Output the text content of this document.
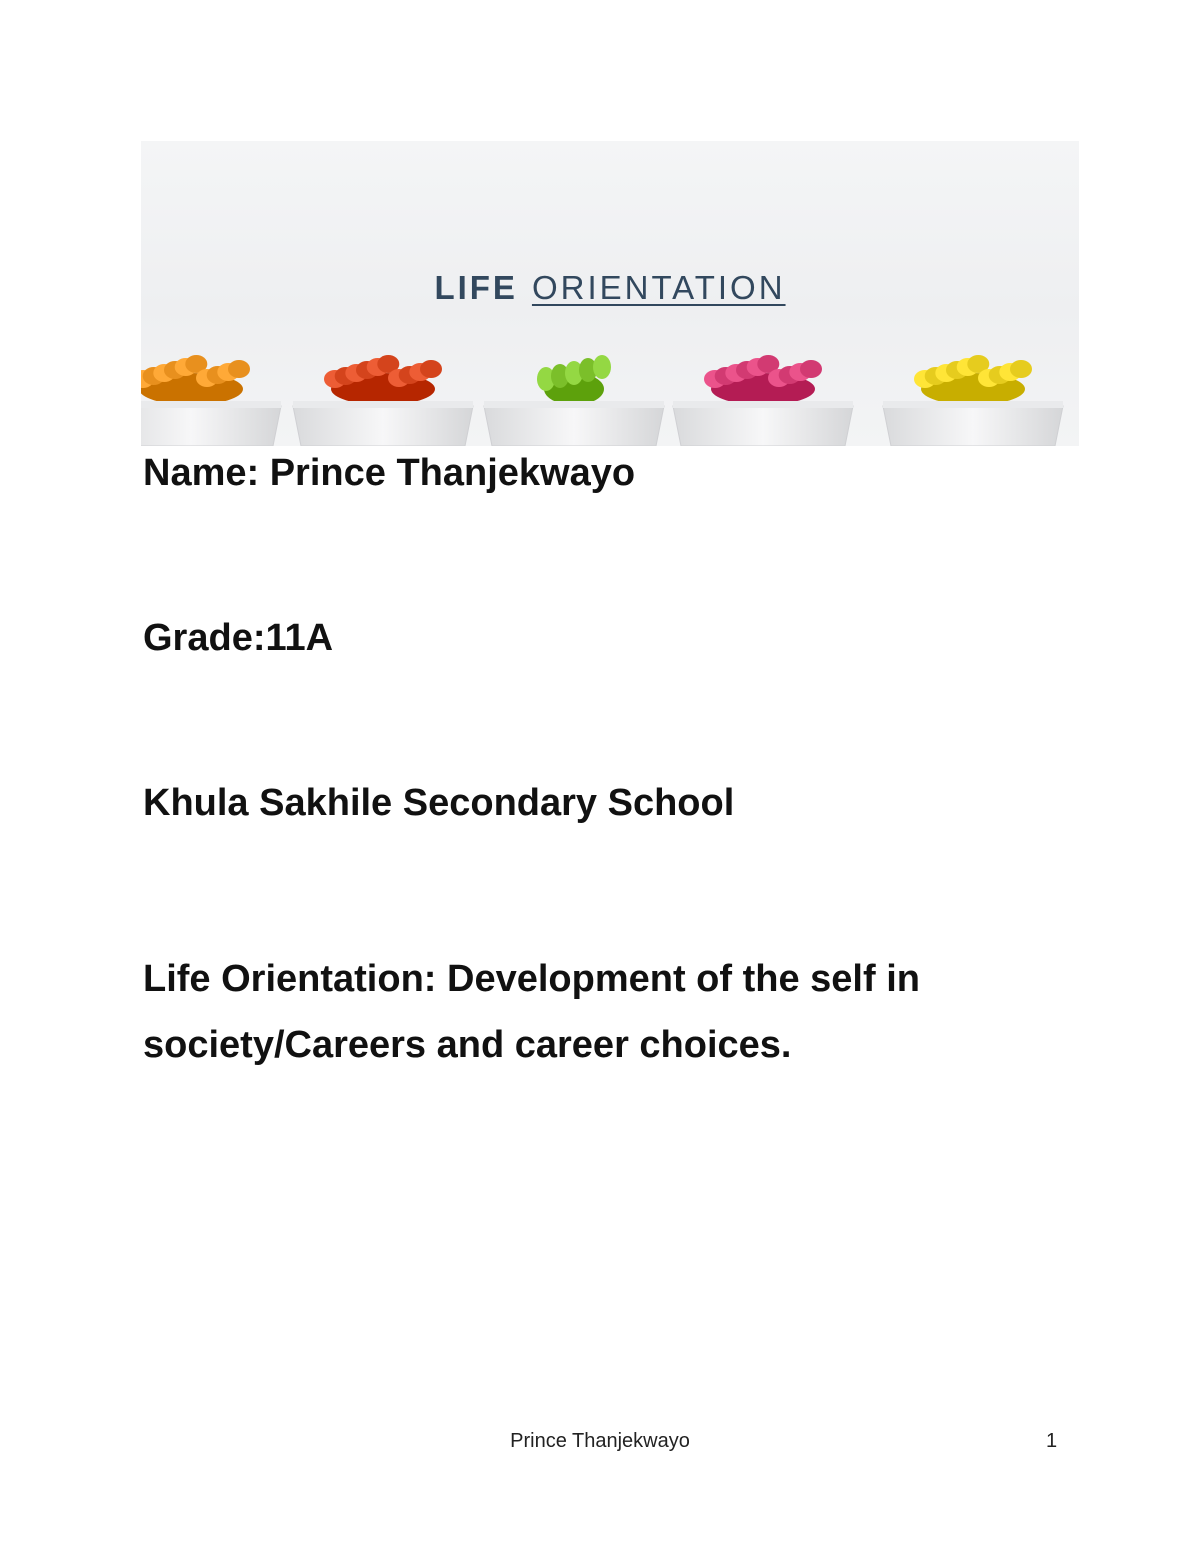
LIFE ORIENTATION

Name: Prince Thanjekwayo

Grade:11A

Khula Sakhile Secondary School

Life Orientation: Development of the self in society/Careers and career choices.

Prince Thanjekwayo	1
